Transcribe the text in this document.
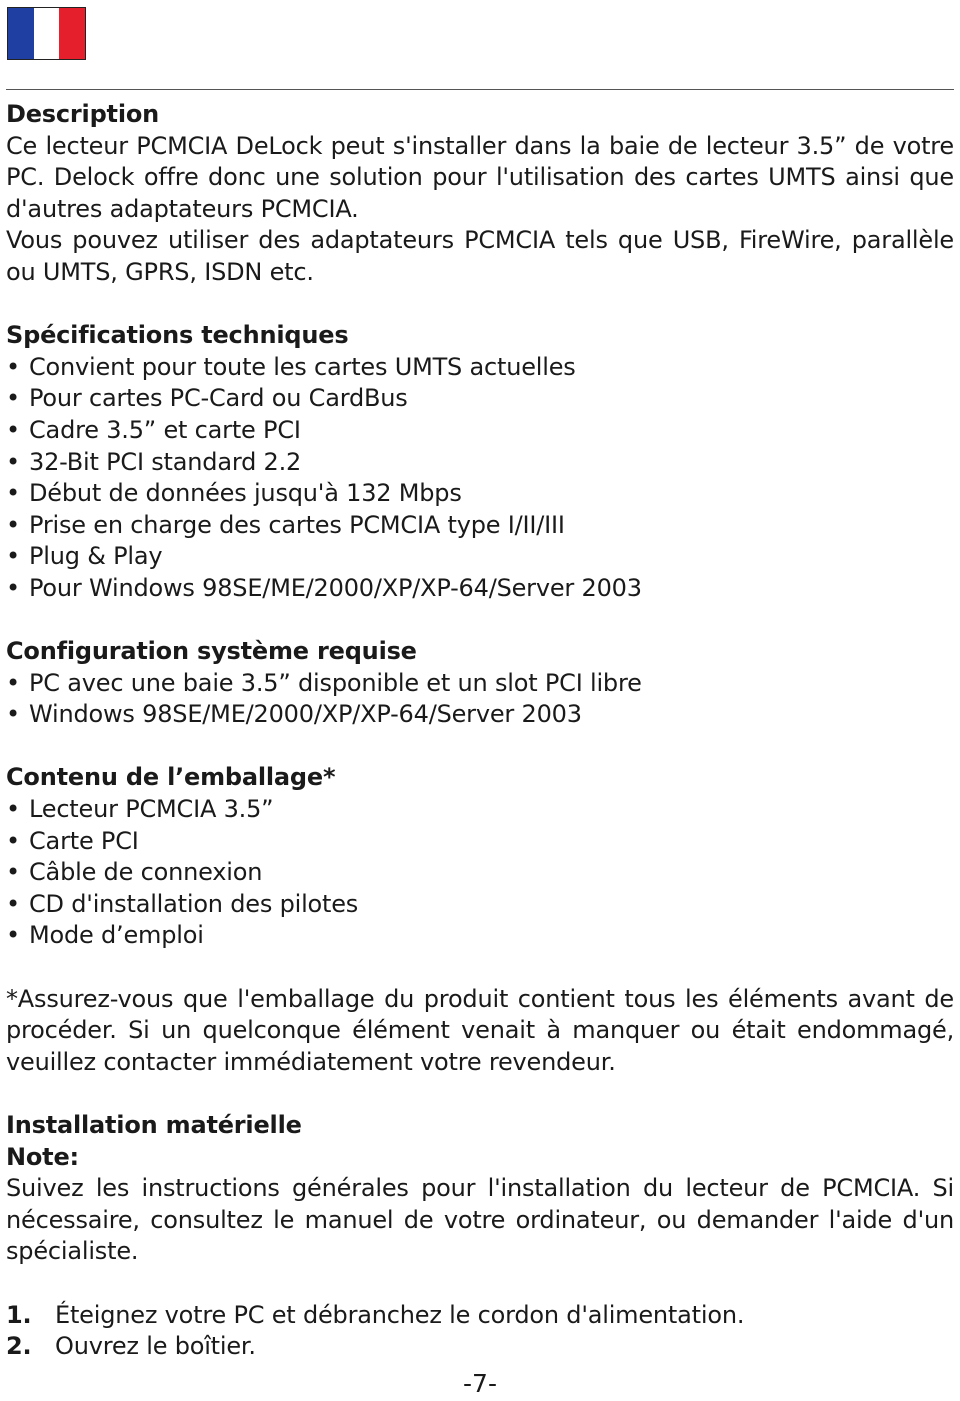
Description

Ce lecteur PCMCIA DeLock peut s'installer dans la baie de lecteur 3.5” de votre PC. Delock offre donc une solution pour l'utilisation des cartes UMTS ainsi que d'autres adaptateurs PCMCIA.

Vous pouvez utiliser des adaptateurs PCMCIA tels que USB, FireWire, parallèle ou UMTS, GPRS, ISDN etc.

Spécifications techniques

• Convient pour toute les cartes UMTS actuelles
• Pour cartes PC-Card ou CardBus
• Cadre 3.5” et carte PCI
• 32-Bit PCI standard 2.2
• Début de données jusqu'à 132 Mbps
• Prise en charge des cartes PCMCIA type I/II/III
• Plug & Play
• Pour Windows 98SE/ME/2000/XP/XP-64/Server 2003

Configuration système requise

• PC avec une baie 3.5” disponible et un slot PCI libre
• Windows 98SE/ME/2000/XP/XP-64/Server 2003

Contenu de l’emballage*

• Lecteur PCMCIA 3.5”
• Carte PCI
• Câble de connexion
• CD d'installation des pilotes
• Mode d’emploi

*Assurez-vous que l'emballage du produit contient tous les éléments avant de procéder. Si un quelconque élément venait à manquer ou était endommagé, veuillez contacter immédiatement votre revendeur.

Installation matérielle

Note:

Suivez les instructions générales pour l'installation du lecteur de PCMCIA. Si nécessaire, consultez le manuel de votre ordinateur, ou demander l'aide d'un spécialiste.

1. Éteignez votre PC et débranchez le cordon d'alimentation.
2. Ouvrez le boîtier.
-7-
